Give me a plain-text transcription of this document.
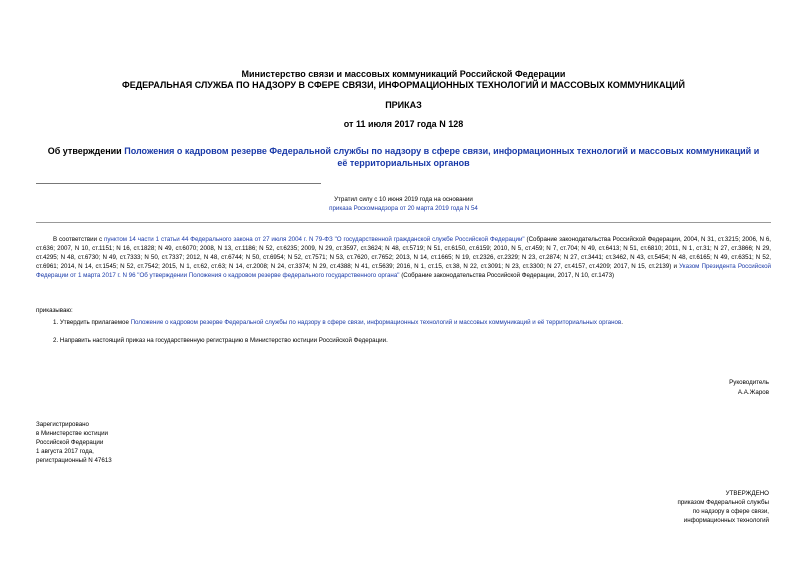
Министерство связи и массовых коммуникаций Российской Федерации
ФЕДЕРАЛЬНАЯ СЛУЖБА ПО НАДЗОРУ В СФЕРЕ СВЯЗИ, ИНФОРМАЦИОННЫХ ТЕХНОЛОГИЙ И МАССОВЫХ КОММУНИКАЦИЙ
ПРИКАЗ
от 11 июля 2017 года N 128
Об утверждении Положения о кадровом резерве Федеральной службы по надзору в сфере связи, информационных технологий и массовых коммуникаций и её территориальных органов
Утратил силу с 10 июня 2019 года на основании
приказа Роскомнадзора от 20 марта 2019 года N 54
В соответствии с пунктом 14 части 1 статьи 44 Федерального закона от 27 июля 2004 г. N 79-ФЗ "О государственной гражданской службе Российской Федерации" (Собрание законодательства Российской Федерации, 2004, N 31, ст.3215; 2006, N 6, ст.636; 2007, N 10, ст.1151; N 16, ст.1828; N 49, ст.6070; 2008, N 13, ст.1186; N 52, ст.6235; 2009, N 29, ст.3597, ст.3624; N 48, ст.5719; N 51, ст.6150, ст.6159; 2010, N 5, ст.459; N 7, ст.704; N 49, ст.6413; N 51, ст.6810; 2011, N 1, ст.31; N 27, ст.3866; N 29, ст.4295; N 48, ст.6730; N 49, ст.7333; N 50, ст.7337; 2012, N 48, ст.6744; N 50, ст.6954; N 52, ст.7571; N 53, ст.7620, ст.7652; 2013, N 14, ст.1665; N 19, ст.2326, ст.2329; N 23, ст.2874; N 27, ст.3441; ст.3462, N 43, ст.5454; N 48, ст.6165; N 49, ст.6351; N 52, ст.6961; 2014, N 14, ст.1545; N 52, ст.7542; 2015, N 1, ст.62, ст.63; N 14, ст.2008; N 24, ст.3374; N 29, ст.4388; N 41, ст.5639; 2016, N 1, ст.15, ст.38, N 22, ст.3091; N 23, ст.3300; N 27, ст.4157, ст.4209; 2017, N 15, ст.2139) и Указом Президента Российской Федерации от 1 марта 2017 г. N 96 "Об утверждении Положения о кадровом резерве федерального государственного органа" (Собрание законодательства Российской Федерации, 2017, N 10, ст.1473)
приказываю:
1. Утвердить прилагаемое Положение о кадровом резерве Федеральной службы по надзору в сфере связи, информационных технологий и массовых коммуникаций и её территориальных органов.
2. Направить настоящий приказ на государственную регистрацию в Министерство юстиции Российской Федерации.
Руководитель
А.А.Жаров
Зарегистрировано
в Министерстве юстиции
Российской Федерации
1 августа 2017 года,
регистрационный N 47613
УТВЕРЖДЕНО
приказом Федеральной службы
по надзору в сфере связи,
информационных технологий
